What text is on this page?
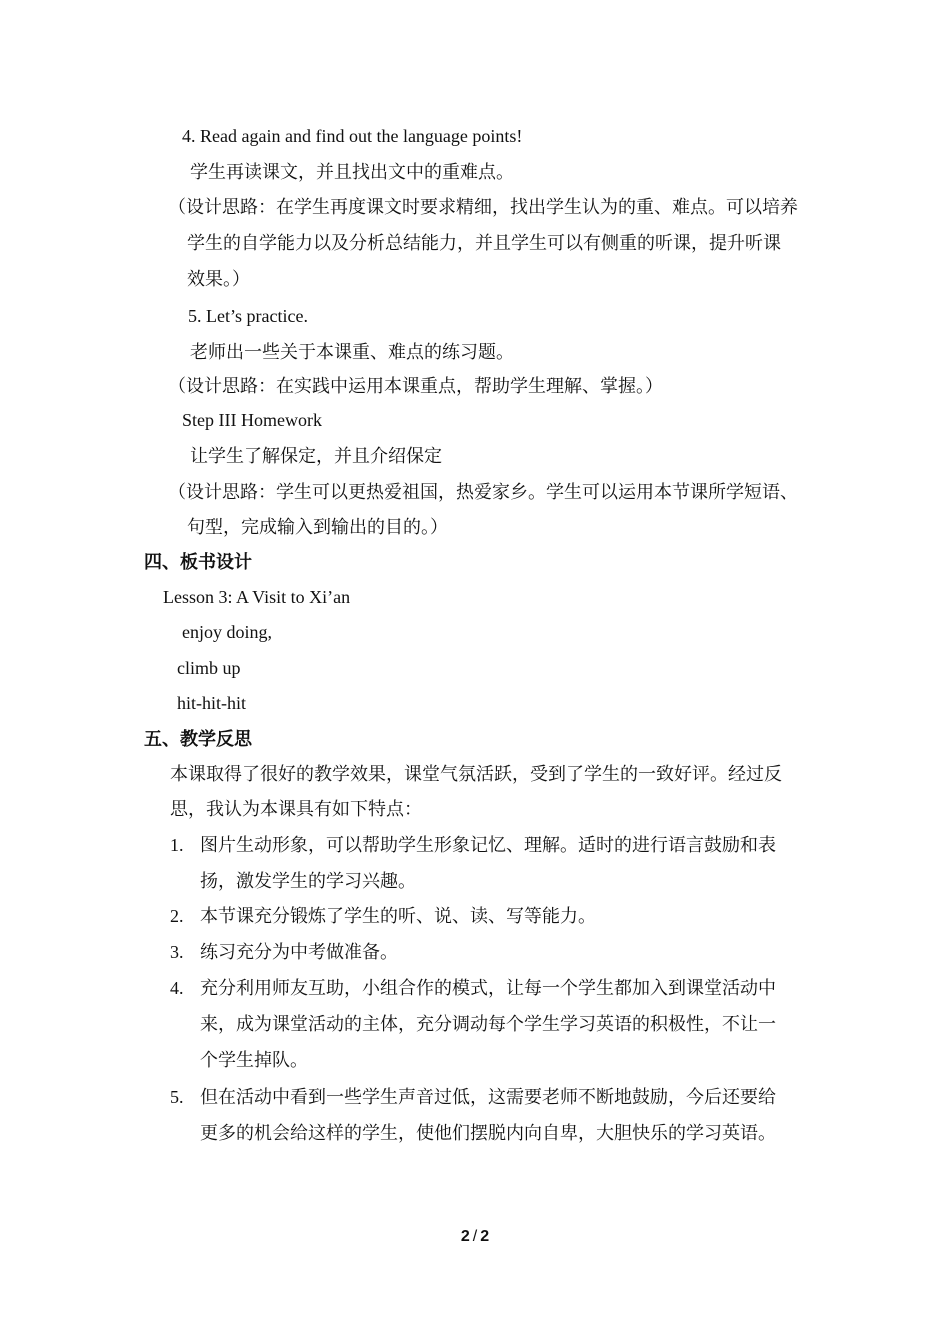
4. Read again and find out the language points!
学生再读课文，并且找出文中的重难点。
（设计思路：在学生再度课文时要求精细，找出学生认为的重、难点。可以培养
学生的自学能力以及分析总结能力，并且学生可以有侧重的听课，提升听课
效果。）
5. Let’s practice.
老师出一些关于本课重、难点的练习题。
（设计思路：在实践中运用本课重点，帮助学生理解、掌握。）
Step III Homework
让学生了解保定，并且介绍保定
（设计思路：学生可以更热爱祖国，热爱家乡。学生可以运用本节课所学短语、
句型，完成输入到输出的目的。）
四、板书设计
Lesson 3: A Visit to Xi’an
enjoy doing,
climb up
hit-hit-hit
五、教学反思
本课取得了很好的教学效果，课堂气氛活跃，受到了学生的一致好评。经过反
思，我认为本课具有如下特点：
1. 图片生动形象，可以帮助学生形象记忆、理解。适时的进行语言鼓励和表
扬，激发学生的学习兴趣。
2. 本节课充分锻炼了学生的听、说、读、写等能力。
3. 练习充分为中考做准备。
4. 充分利用师友互助，小组合作的模式，让每一个学生都加入到课堂活动中
来，成为课堂活动的主体，充分调动每个学生学习英语的积极性，不让一
个学生掉队。
5. 但在活动中看到一些学生声音过低，这需要老师不断地鼓励，今后还要给
更多的机会给这样的学生，使他们摆脱内向自卑，大胆快乐的学习英语。
2 / 2
